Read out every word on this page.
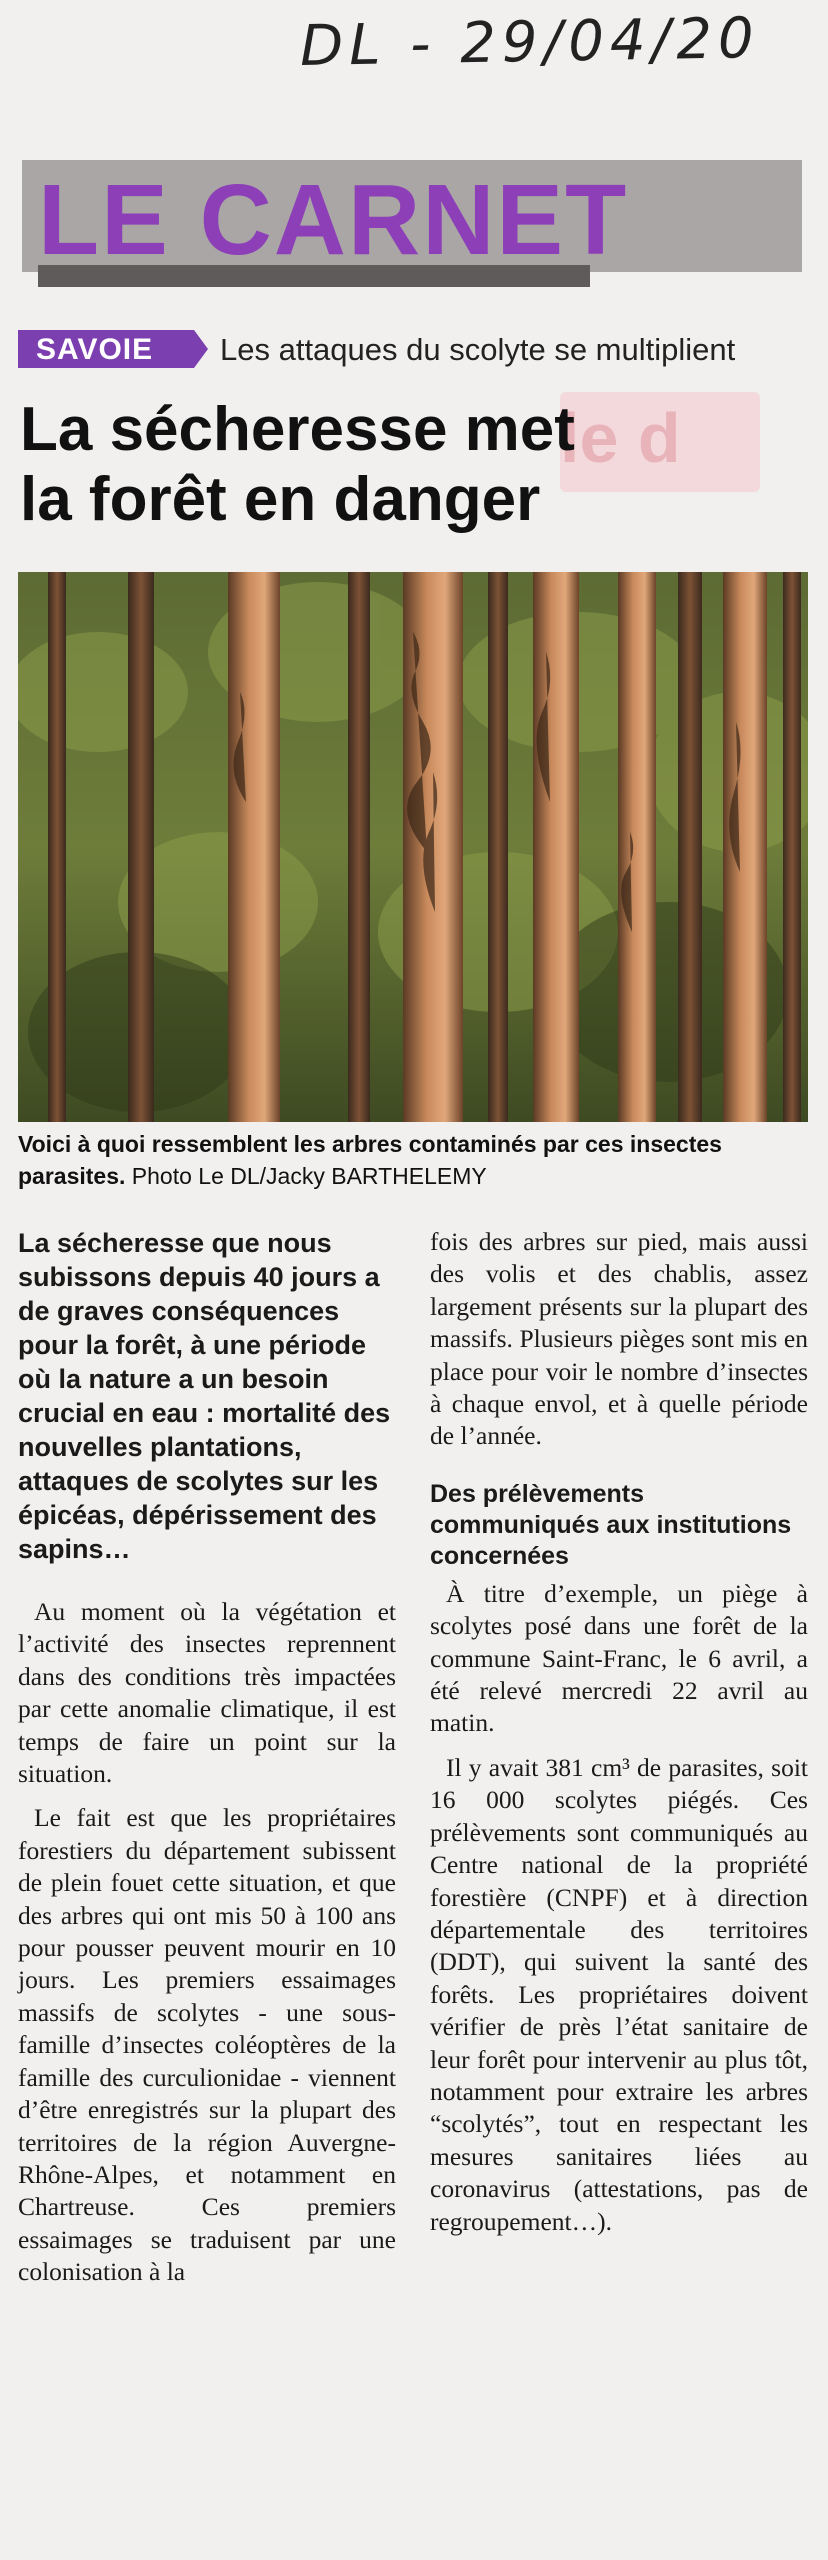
DL - 29/04/20
LE CARNET
SAVOIE Les attaques du scolyte se multiplient
le d
La sécheresse met
la forêt en danger
Voici à quoi ressemblent les arbres contaminés par ces insectes parasites. Photo Le DL/Jacky BARTHELEMY

La sécheresse que nous subissons depuis 40 jours a de graves conséquences pour la forêt, à une période où la nature a un besoin crucial en eau : mortalité des nouvelles plantations, attaques de scolytes sur les épicéas, dépérissement des sapins…

Au moment où la végétation et l’activité des insectes reprennent dans des conditions très impactées par cette anomalie climatique, il est temps de faire un point sur la situation.

Le fait est que les propriétaires forestiers du département subissent de plein fouet cette situation, et que des arbres qui ont mis 50 à 100 ans pour pousser peuvent mourir en 10 jours. Les premiers essaimages massifs de scolytes - une sous-famille d’insectes coléoptères de la famille des curculionidae - viennent d’être enregistrés sur la plupart des territoires de la région Auvergne-Rhône-Alpes, et notamment en Chartreuse. Ces premiers essaimages se traduisent par une colonisation à la

fois des arbres sur pied, mais aussi des volis et des chablis, assez largement présents sur la plupart des massifs. Plusieurs pièges sont mis en place pour voir le nombre d’insectes à chaque envol, et à quelle période de l’année.

Des prélèvements communiqués aux institutions concernées

À titre d’exemple, un piège à scolytes posé dans une forêt de la commune Saint-Franc, le 6 avril, a été relevé mercredi 22 avril au matin.

Il y avait 381 cm³ de parasites, soit 16 000 scolytes piégés. Ces prélèvements sont communiqués au Centre national de la propriété forestière (CNPF) et à direction départementale des territoires (DDT), qui suivent la santé des forêts. Les propriétaires doivent vérifier de près l’état sanitaire de leur forêt pour intervenir au plus tôt, notamment pour extraire les arbres “scolytés”, tout en respectant les mesures sanitaires liées au coronavirus (attestations, pas de regroupement…).
